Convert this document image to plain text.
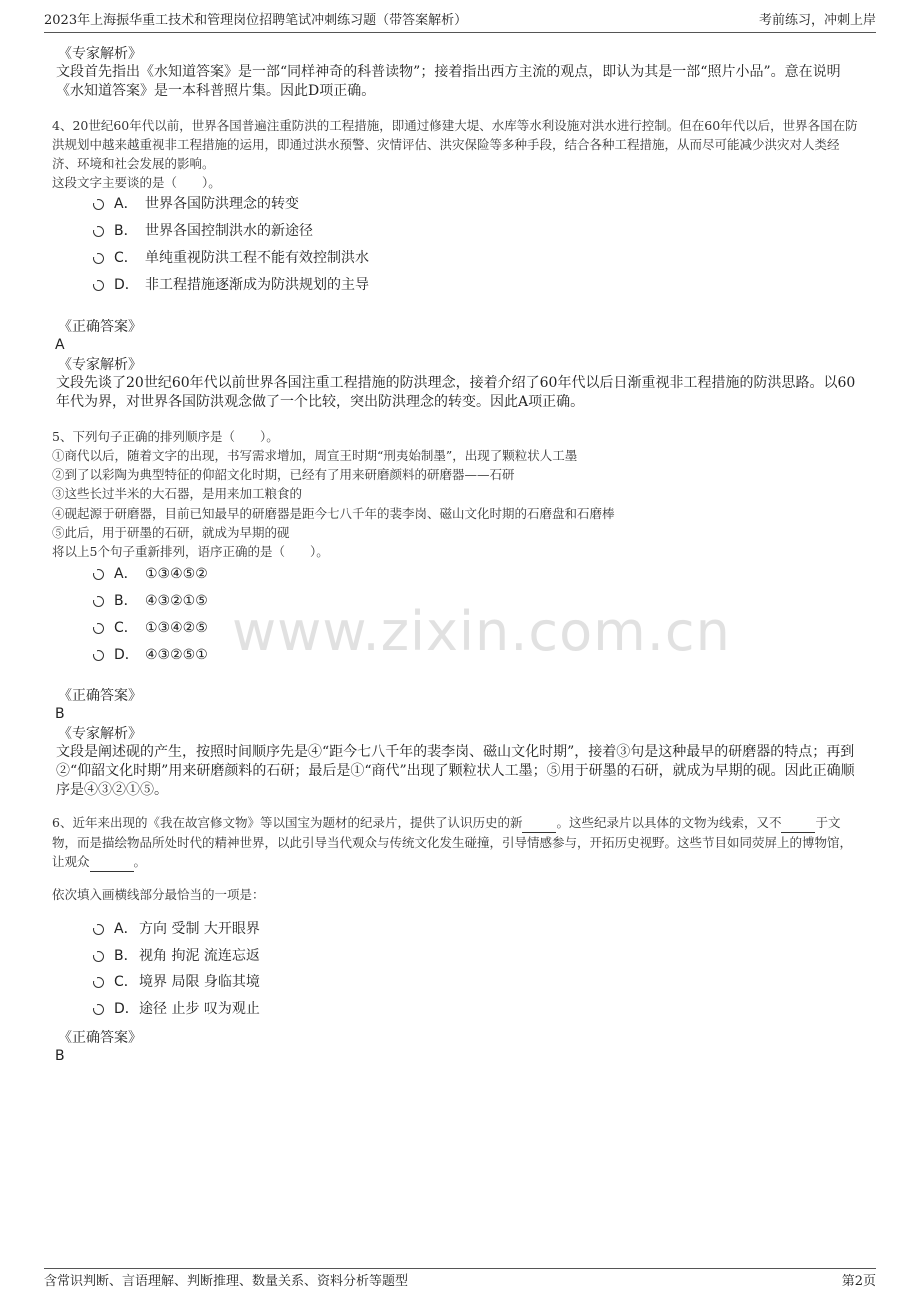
2023年上海振华重工技术和管理岗位招聘笔试冲刺练习题（带答案解析）	考前练习，冲刺上岸
www.zixin.com.cn
《专家解析》
文段首先指出《水知道答案》是一部“同样神奇的科普读物”；接着指出西方主流的观点，即认为其是一部“照片小品”。意在说明《水知道答案》是一本科普照片集。因此D项正确。
4、20世纪60年代以前，世界各国普遍注重防洪的工程措施，即通过修建大堤、水库等水利设施对洪水进行控制。但在60年代以后，世界各国在防洪规划中越来越重视非工程措施的运用，即通过洪水预警、灾情评估、洪灾保险等多种手段，结合各种工程措施，从而尽可能减少洪灾对人类经济、环境和社会发展的影响。
这段文字主要谈的是（　　）。
A． 世界各国防洪理念的转变
B． 世界各国控制洪水的新途径
C． 单纯重视防洪工程不能有效控制洪水
D． 非工程措施逐渐成为防洪规划的主导
《正确答案》
A
《专家解析》
文段先谈了20世纪60年代以前世界各国注重工程措施的防洪理念，接着介绍了60年代以后日渐重视非工程措施的防洪思路。以60年代为界，对世界各国防洪观念做了一个比较，突出防洪理念的转变。因此A项正确。
5、下列句子正确的排列顺序是（　　）。
①商代以后，随着文字的出现，书写需求增加，周宣王时期“刑夷始制墨”，出现了颗粒状人工墨
②到了以彩陶为典型特征的仰韶文化时期，已经有了用来研磨颜料的研磨器——石研
③这些长过半米的大石器，是用来加工粮食的
④砚起源于研磨器，目前已知最早的研磨器是距今七八千年的裴李岗、磁山文化时期的石磨盘和石磨棒
⑤此后，用于研墨的石研，就成为早期的砚
将以上5个句子重新排列，语序正确的是（　　）。
A． ①③④⑤②
B． ④③②①⑤
C． ①③④②⑤
D． ④③②⑤①
《正确答案》
B
《专家解析》
文段是阐述砚的产生，按照时间顺序先是④“距今七八千年的裴李岗、磁山文化时期”，接着③句是这种最早的研磨器的特点；再到②“仰韶文化时期”用来研磨颜料的石研；最后是①“商代”出现了颗粒状人工墨；⑤用于研墨的石研，就成为早期的砚。因此正确顺序是④③②①⑤。
6、近年来出现的《我在故宫修文物》等以国宝为题材的纪录片，提供了认识历史的新	。这些纪录片以具体的文物为线索，又不	于文物，而是描绘物品所处时代的精神世界，以此引导当代观众与传统文化发生碰撞，引导情感参与，开拓历史视野。这些节目如同荧屏上的博物馆，让观众	。
依次填入画横线部分最恰当的一项是：
A． 方向 受制 大开眼界
B． 视角 拘泥 流连忘返
C． 境界 局限 身临其境
D． 途径 止步 叹为观止
《正确答案》
B
含常识判断、言语理解、判断推理、数量关系、资料分析等题型	第2页
